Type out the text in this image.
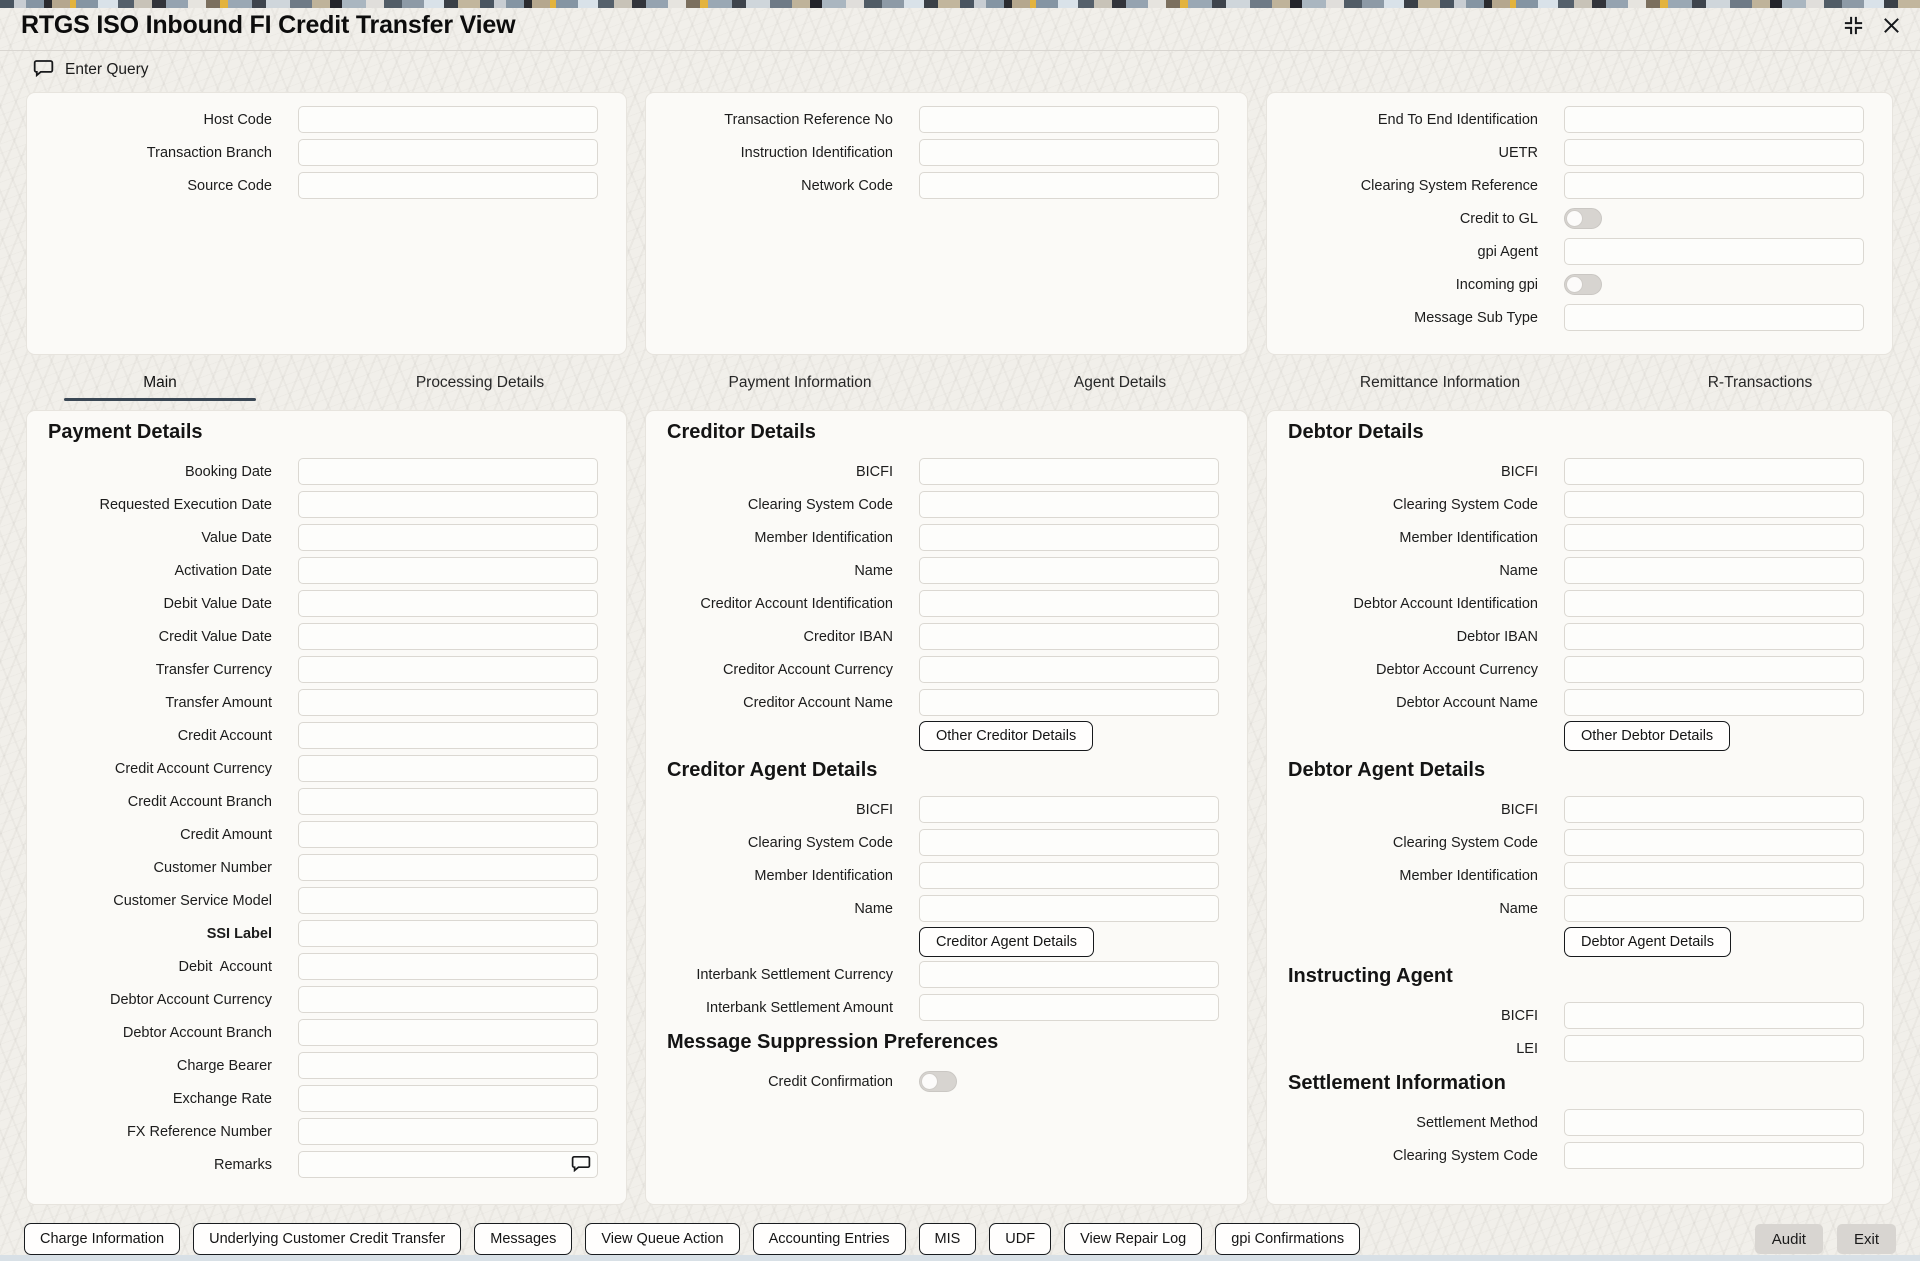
RTGS ISO Inbound FI Credit Transfer View
Enter Query
Host Code
Transaction Branch
Source Code
Transaction Reference No
Instruction Identification
Network Code
End To End Identification
UETR
Clearing System Reference
Credit to GL
gpi Agent
Incoming gpi
Message Sub Type
Main	Processing Details	Payment Information	Agent Details	Remittance Information	R-Transactions
Payment Details
Booking Date
Requested Execution Date
Value Date
Activation Date
Debit Value Date
Credit Value Date
Transfer Currency
Transfer Amount
Credit Account
Credit Account Currency
Credit Account Branch
Credit Amount
Customer Number
Customer Service Model
SSI Label
Debit  Account
Debtor Account Currency
Debtor Account Branch
Charge Bearer
Exchange Rate
FX Reference Number
Remarks
Creditor Details
BICFI
Clearing System Code
Member Identification
Name
Creditor Account Identification
Creditor IBAN
Creditor Account Currency
Creditor Account Name
Other Creditor Details
Creditor Agent Details
BICFI
Clearing System Code
Member Identification
Name
Creditor Agent Details
Interbank Settlement Currency
Interbank Settlement Amount
Message Suppression Preferences
Credit Confirmation
Debtor Details
BICFI
Clearing System Code
Member Identification
Name
Debtor Account Identification
Debtor IBAN
Debtor Account Currency
Debtor Account Name
Other Debtor Details
Debtor Agent Details
BICFI
Clearing System Code
Member Identification
Name
Debtor Agent Details
Instructing Agent
BICFI
LEI
Settlement Information
Settlement Method
Clearing System Code
Charge Information	Underlying Customer Credit Transfer	Messages	View Queue Action	Accounting Entries	MIS	UDF	View Repair Log	gpi Confirmations	Audit	Exit
